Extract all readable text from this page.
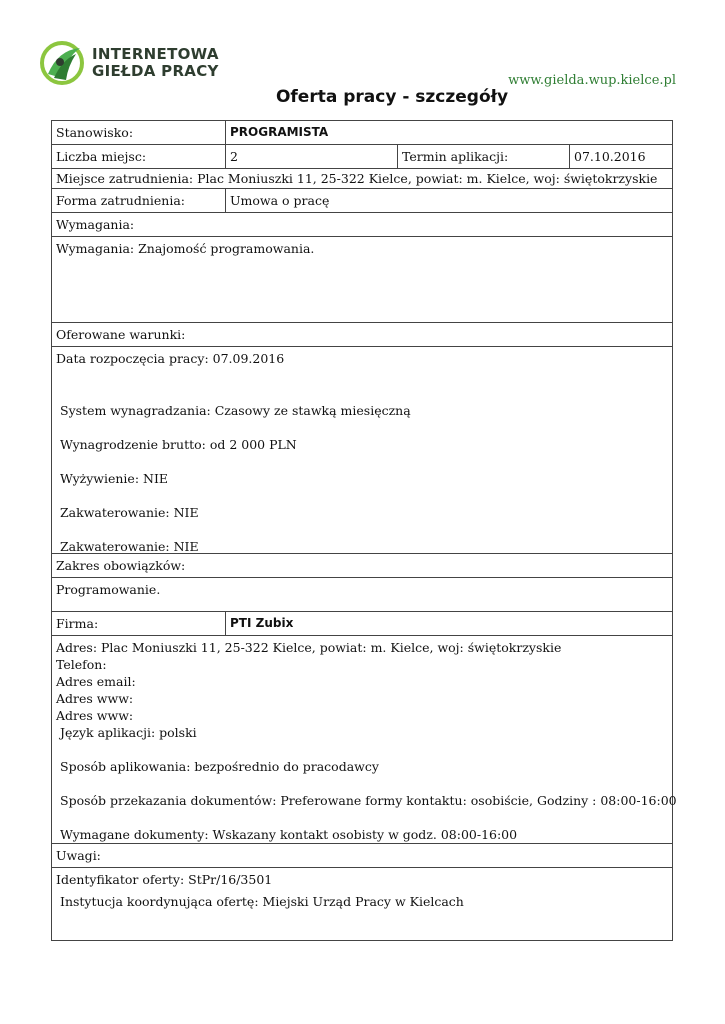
INTERNETOWA
GIEŁDA PRACY
www.gielda.wup.kielce.pl
Oferta pracy - szczegóły
Stanowisko:	PROGRAMISTA
Liczba miejsc:	2	Termin aplikacji:	07.10.2016
Miejsce zatrudnienia: Plac Moniuszki 11, 25-322 Kielce, powiat: m. Kielce, woj: świętokrzyskie
Forma zatrudnienia:	Umowa o pracę
Wymagania:
Wymagania: Znajomość programowania.
Oferowane warunki:
Data rozpoczęcia pracy: 07.09.2016
System wynagradzania: Czasowy ze stawką miesięczną
Wynagrodzenie brutto: od 2 000 PLN
Wyżywienie: NIE
Zakwaterowanie: NIE
Zakwaterowanie: NIE
Zakres obowiązków:
Programowanie.
Firma:	PTI Zubix
Adres: Plac Moniuszki 11, 25-322 Kielce, powiat: m. Kielce, woj: świętokrzyskie
Telefon:
Adres email:
Adres www:
Adres www:
Język aplikacji: polski
Sposób aplikowania: bezpośrednio do pracodawcy
Sposób przekazania dokumentów: Preferowane formy kontaktu: osobiście, Godziny : 08:00-16:00
Wymagane dokumenty: Wskazany kontakt osobisty w godz. 08:00-16:00
Uwagi:
Identyfikator oferty: StPr/16/3501
Instytucja koordynująca ofertę: Miejski Urząd Pracy w Kielcach
